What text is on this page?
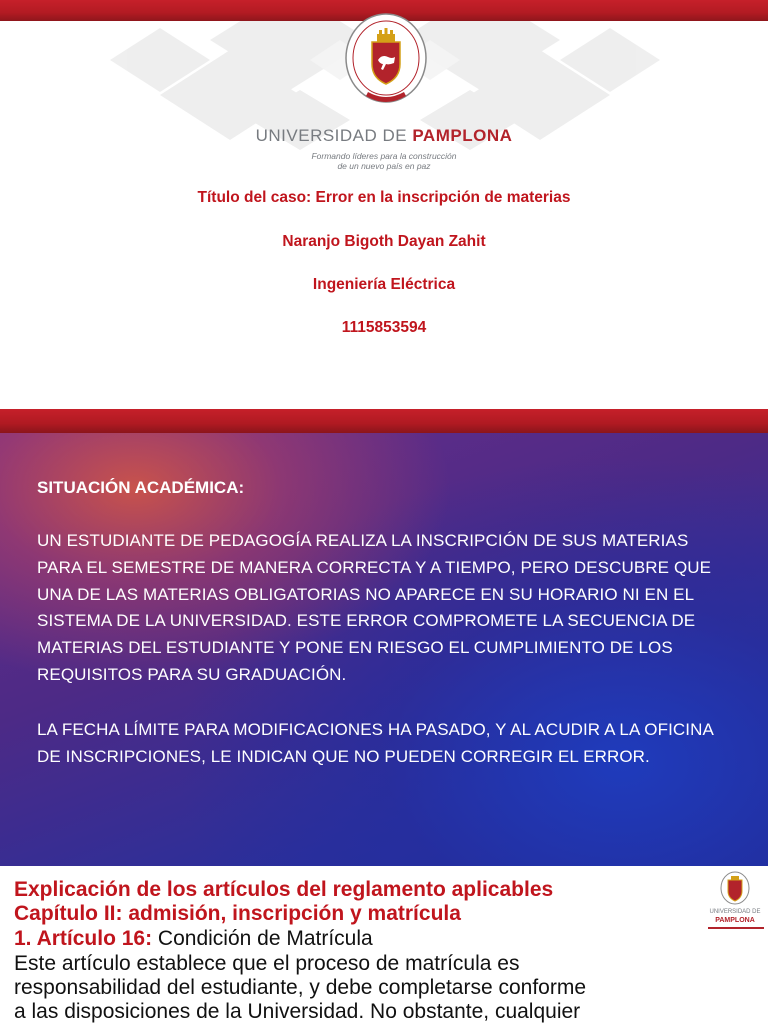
UNIVERSIDAD DE PAMPLONA
Formando líderes para la construcción
de un nuevo país en paz
Título del caso: Error en la inscripción de materias
Naranjo Bigoth Dayan Zahit
Ingeniería Eléctrica
1115853594
SITUACIÓN ACADÉMICA:

UN ESTUDIANTE DE PEDAGOGÍA REALIZA LA INSCRIPCIÓN DE SUS MATERIAS PARA EL SEMESTRE DE MANERA CORRECTA Y A TIEMPO, PERO DESCUBRE QUE UNA DE LAS MATERIAS OBLIGATORIAS NO APARECE EN SU HORARIO NI EN EL SISTEMA DE LA UNIVERSIDAD. ESTE ERROR COMPROMETE LA SECUENCIA DE MATERIAS DEL ESTUDIANTE Y PONE EN RIESGO EL CUMPLIMIENTO DE LOS REQUISITOS PARA SU GRADUACIÓN.

LA FECHA LÍMITE PARA MODIFICACIONES HA PASADO, Y AL ACUDIR A LA OFICINA DE INSCRIPCIONES, LE INDICAN QUE NO PUEDEN CORREGIR EL ERROR.

Explicación de los artículos del reglamento aplicables
Capítulo II: admisión, inscripción y matrícula
1. Artículo 16: Condición de Matrícula
Este artículo establece que el proceso de matrícula es
responsabilidad del estudiante, y debe completarse conforme
a las disposiciones de la Universidad. No obstante, cualquier
UNIVERSIDAD DE
PAMPLONA
